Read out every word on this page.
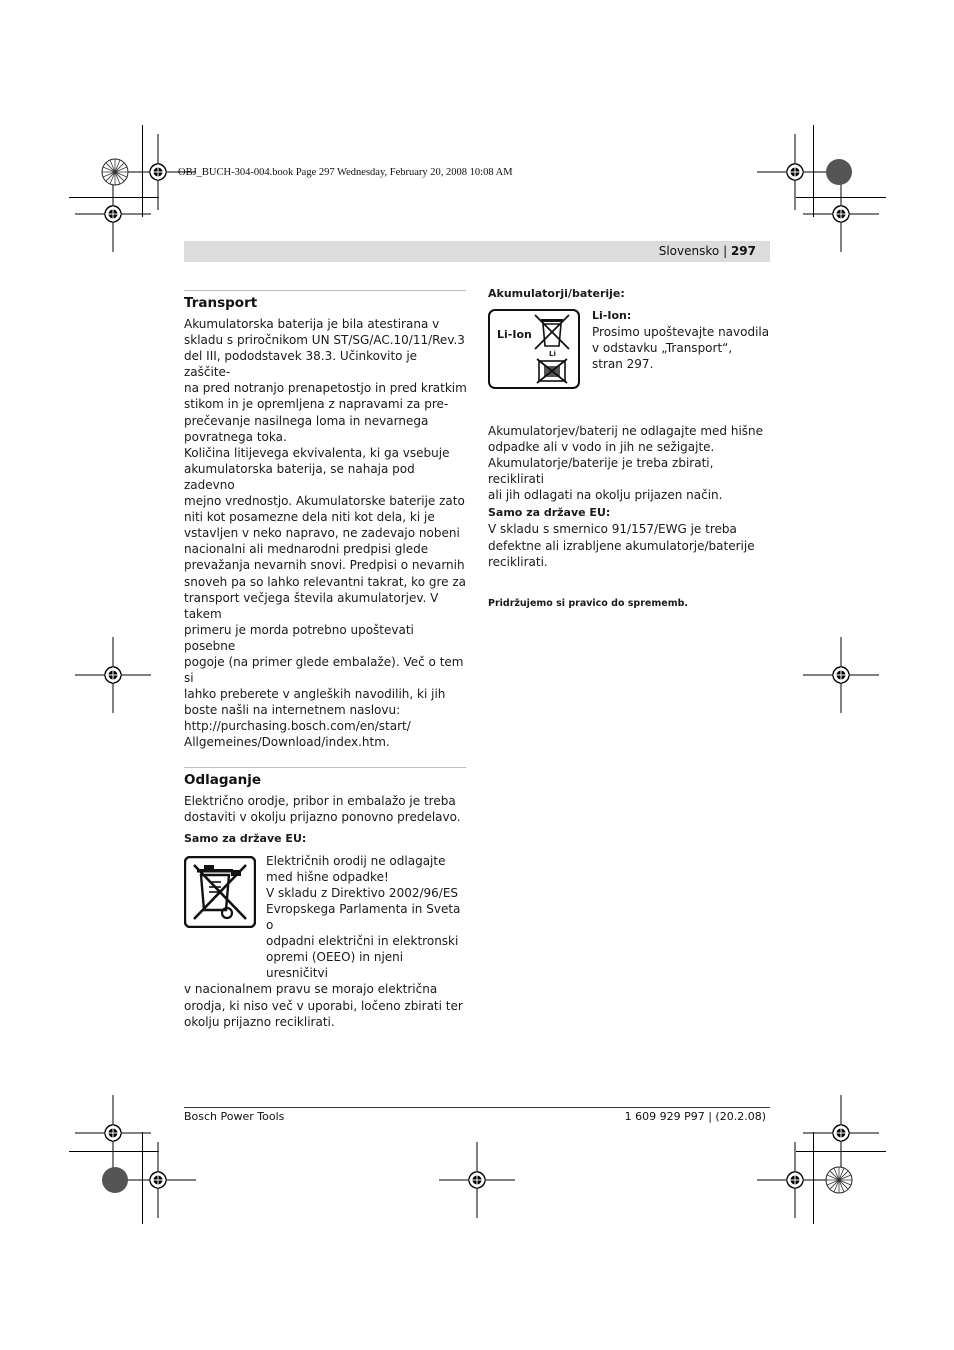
OBJ_BUCH-304-004.book Page 297 Wednesday, February 20, 2008 10:08 AM
Slovensko | 297
Transport

Akumulatorska baterija je bila atestirana v
skladu s priročnikom UN ST/SG/AC.10/11/Rev.3
del III, pododstavek 38.3. Učinkovito je zaščite-
na pred notranjo prenapetostjo in pred kratkim
stikom in je opremljena z napravami za pre-
prečevanje nasilnega loma in nevarnega
povratnega toka.
Količina litijevega ekvivalenta, ki ga vsebuje
akumulatorska baterija, se nahaja pod zadevno
mejno vrednostjo. Akumulatorske baterije zato
niti kot posamezne dela niti kot dela, ki je
vstavljen v neko napravo, ne zadevajo nobeni
nacionalni ali mednarodni predpisi glede
prevažanja nevarnih snovi. Predpisi o nevarnih
snoveh pa so lahko relevantni takrat, ko gre za
transport večjega števila akumulatorjev. V takem
primeru je morda potrebno upoštevati posebne
pogoje (na primer glede embalaže). Več o tem si
lahko preberete v angleških navodilih, ki jih
boste našli na internetnem naslovu:
http://purchasing.bosch.com/en/start/
Allgemeines/Download/index.htm.

Odlaganje

Električno orodje, pribor in embalažo je treba
dostaviti v okolju prijazno ponovno predelavo.

Samo za države EU:

Električnih orodij ne odlagajte
med hišne odpadke!
V skladu z Direktivo 2002/96/ES
Evropskega Parlamenta in Sveta o
odpadni električni in elektronski
opremi (OEEO) in njeni uresničitvi

v nacionalnem pravu se morajo električna
orodja, ki niso več v uporabi, ločeno zbirati ter
okolju prijazno reciklirati.

Akumulatorji/baterije:
Li-Ion
Li
Li-Ion:

Prosimo upoštevajte navodila
v odstavku „Transport“,
stran 297.

Akumulatorjev/baterij ne odlagajte med hišne
odpadke ali v vodo in jih ne sežigajte.
Akumulatorje/baterije je treba zbirati, reciklirati
ali jih odlagati na okolju prijazen način.

Samo za države EU:

V skladu s smernico 91/157/EWG je treba
defektne ali izrabljene akumulatorje/baterije
reciklirati.

Pridržujemo si pravico do sprememb.
Bosch Power Tools	1 609 929 P97 | (20.2.08)
